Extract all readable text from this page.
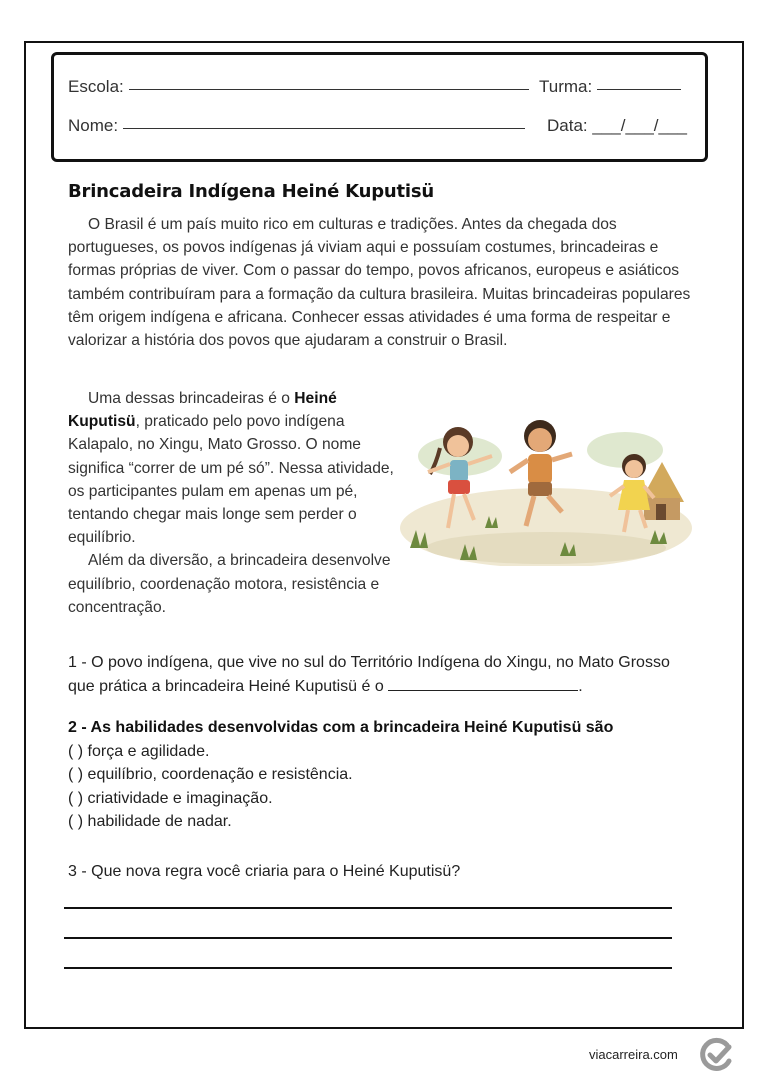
Escola:	Turma:
Nome:	Data: ___/___/___
Brincadeira Indígena Heiné Kuputisü
O Brasil é um país muito rico em culturas e tradições. Antes da chegada dos portugueses, os povos indígenas já viviam aqui e possuíam costumes, brincadeiras e formas próprias de viver. Com o passar do tempo, povos africanos, europeus e asiáticos também contribuíram para a formação da cultura brasileira. Muitas brincadeiras populares têm origem indígena e africana. Conhecer essas atividades é uma forma de respeitar e valorizar a história dos povos que ajudaram a construir o Brasil.
Uma dessas brincadeiras é o Heiné Kuputisü, praticado pelo povo indígena Kalapalo, no Xingu, Mato Grosso. O nome significa “correr de um pé só”. Nessa atividade, os participantes pulam em apenas um pé, tentando chegar mais longe sem perder o equilíbrio.
Além da diversão, a brincadeira desenvolve equilíbrio, coordenação motora, resistência e concentração.
1 - O povo indígena, que vive no sul do Território Indígena do Xingu, no Mato Grosso que prática a brincadeira Heiné Kuputisü é o	.
2 - As habilidades desenvolvidas com a brincadeira Heiné Kuputisü são
( ) força e agilidade.
( ) equilíbrio, coordenação e resistência.
( ) criatividade e imaginação.
( ) habilidade de nadar.
3 - Que nova regra você criaria para o Heiné Kuputisü?
viacarreira.com
